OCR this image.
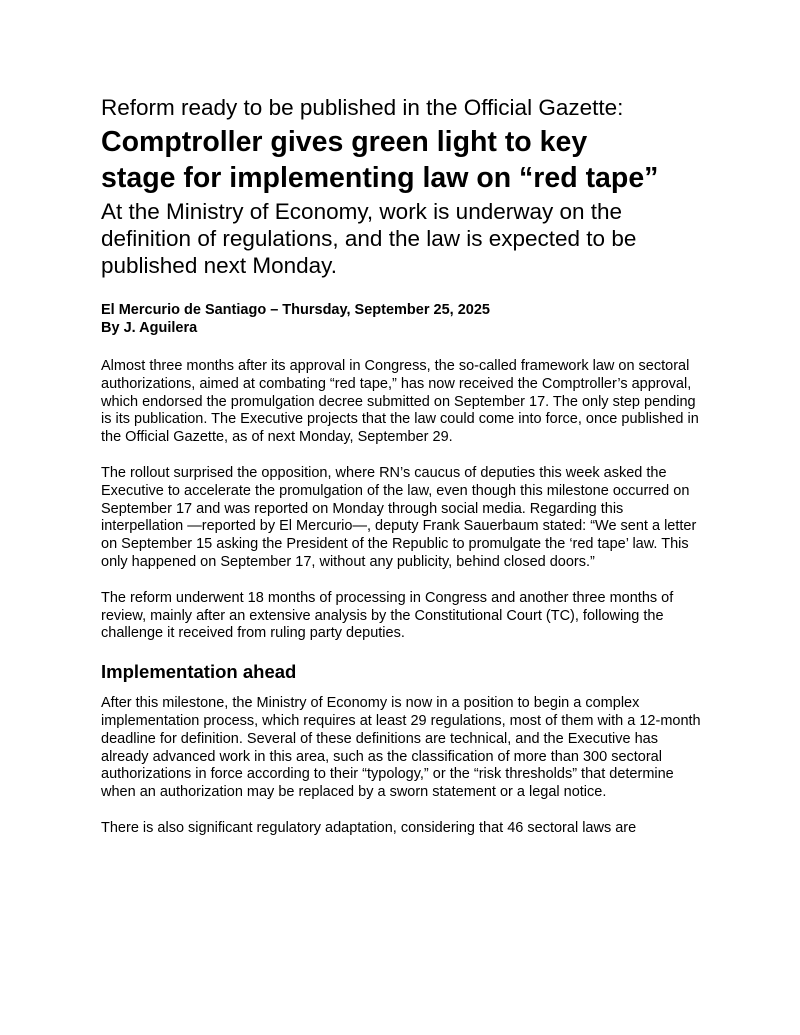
Reform ready to be published in the Official Gazette:
Comptroller gives green light to key stage for implementing law on “red tape”
At the Ministry of Economy, work is underway on the definition of regulations, and the law is expected to be published next Monday.
El Mercurio de Santiago – Thursday, September 25, 2025
By J. Aguilera

Almost three months after its approval in Congress, the so-called framework law on sectoral authorizations, aimed at combating “red tape,” has now received the Comptroller’s approval, which endorsed the promulgation decree submitted on September 17. The only step pending is its publication. The Executive projects that the law could come into force, once published in the Official Gazette, as of next Monday, September 29.

The rollout surprised the opposition, where RN’s caucus of deputies this week asked the Executive to accelerate the promulgation of the law, even though this milestone occurred on September 17 and was reported on Monday through social media. Regarding this interpellation —reported by El Mercurio—, deputy Frank Sauerbaum stated: “We sent a letter on September 15 asking the President of the Republic to promulgate the ‘red tape’ law. This only happened on September 17, without any publicity, behind closed doors.”

The reform underwent 18 months of processing in Congress and another three months of review, mainly after an extensive analysis by the Constitutional Court (TC), following the challenge it received from ruling party deputies.

Implementation ahead

After this milestone, the Ministry of Economy is now in a position to begin a complex implementation process, which requires at least 29 regulations, most of them with a 12-month deadline for definition. Several of these definitions are technical, and the Executive has already advanced work in this area, such as the classification of more than 300 sectoral authorizations in force according to their “typology,” or the “risk thresholds” that determine when an authorization may be replaced by a sworn statement or a legal notice.

There is also significant regulatory adaptation, considering that 46 sectoral laws are
